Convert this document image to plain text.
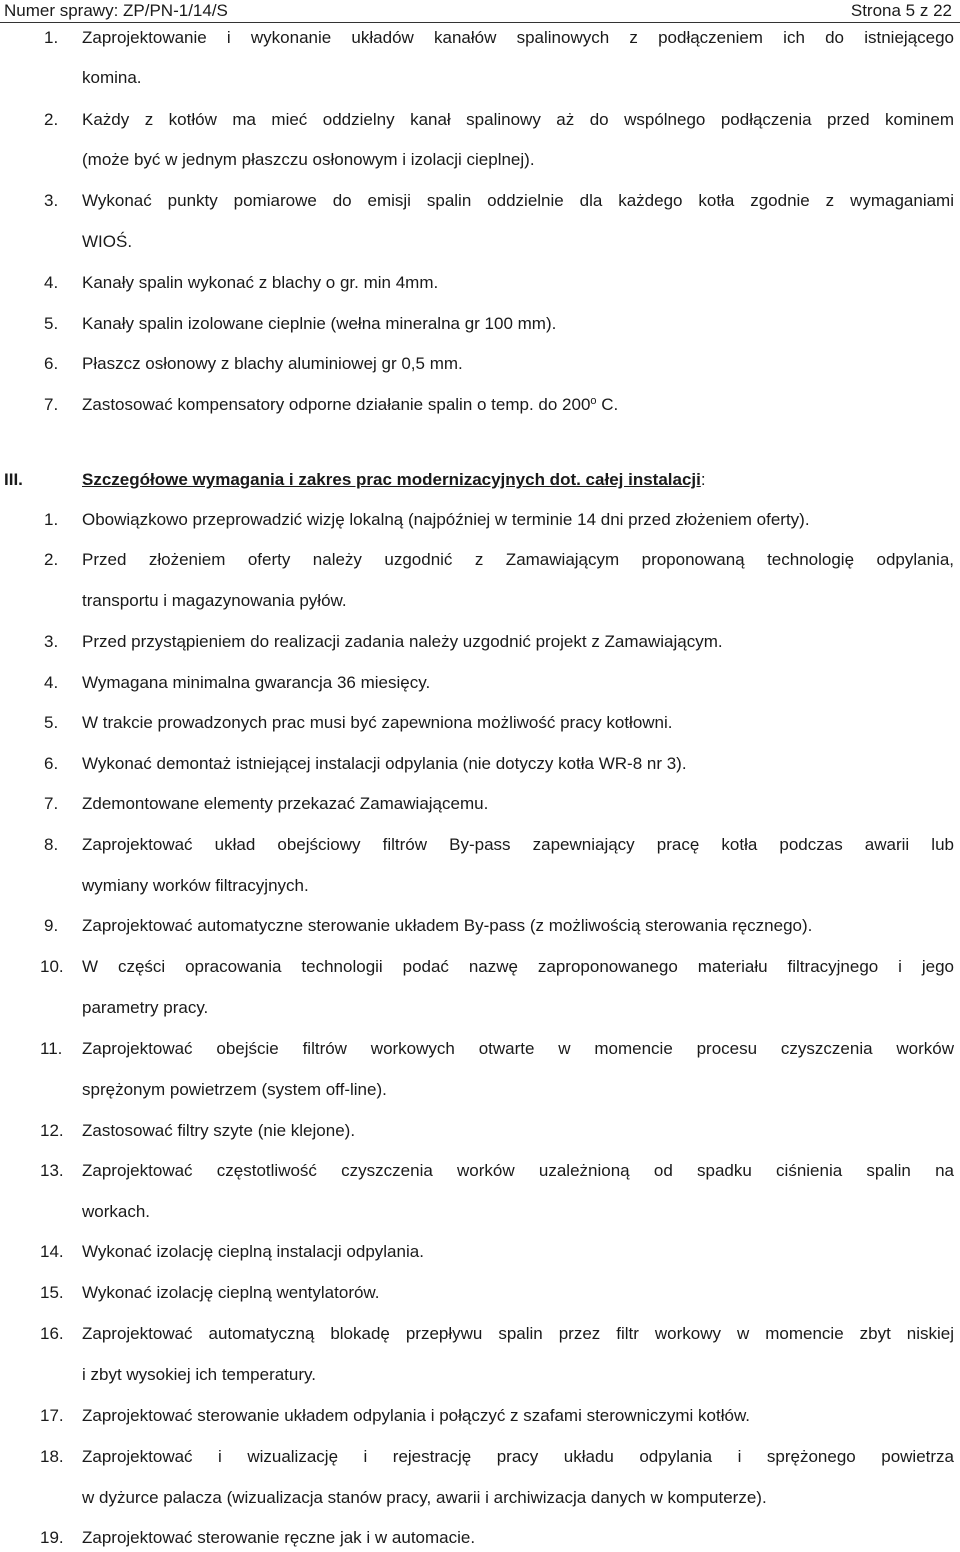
Numer sprawy: ZP/PN-1/14/S	Strona 5 z 22
1. Zaprojektowanie i wykonanie układów kanałów spalinowych z podłączeniem ich do istniejącego
komina.
2. Każdy z kotłów ma mieć oddzielny kanał spalinowy aż do wspólnego podłączenia przed kominem
(może być w jednym płaszczu osłonowym i izolacji cieplnej).
3. Wykonać punkty pomiarowe do emisji spalin oddzielnie dla każdego kotła zgodnie z wymaganiami
WIOŚ.
4. Kanały spalin wykonać z blachy o gr. min 4mm.
5. Kanały spalin izolowane cieplnie (wełna mineralna gr 100 mm).
6. Płaszcz osłonowy z blachy aluminiowej gr 0,5 mm.
7. Zastosować kompensatory odporne działanie spalin o temp. do 200$^o$ C.
III.	Szczegółowe wymagania i zakres prac modernizacyjnych dot. całej instalacji:
1. Obowiązkowo przeprowadzić wizję lokalną (najpóźniej w terminie 14 dni przed złożeniem oferty).
2. Przed złożeniem oferty należy uzgodnić z Zamawiającym proponowaną technologię odpylania,
transportu i magazynowania pyłów.
3. Przed przystąpieniem do realizacji zadania należy uzgodnić projekt z Zamawiającym.
4. Wymagana minimalna gwarancja 36 miesięcy.
5. W trakcie prowadzonych prac musi być zapewniona możliwość pracy kotłowni.
6. Wykonać demontaż istniejącej instalacji odpylania (nie dotyczy kotła WR-8 nr 3).
7. Zdemontowane elementy przekazać Zamawiającemu.
8. Zaprojektować układ obejściowy filtrów By-pass zapewniający pracę kotła podczas awarii lub
wymiany worków filtracyjnych.
9. Zaprojektować automatyczne sterowanie układem By-pass (z możliwością sterowania ręcznego).
10. W części opracowania technologii podać nazwę zaproponowanego materiału filtracyjnego i jego
parametry pracy.
11. Zaprojektować obejście filtrów workowych otwarte w momencie procesu czyszczenia worków
sprężonym powietrzem (system off-line).
12. Zastosować filtry szyte (nie klejone).
13. Zaprojektować częstotliwość czyszczenia worków uzależnioną od spadku ciśnienia spalin na
workach.
14. Wykonać izolację cieplną instalacji odpylania.
15. Wykonać izolację cieplną wentylatorów.
16. Zaprojektować automatyczną blokadę przepływu spalin przez filtr workowy w momencie zbyt niskiej
i zbyt wysokiej ich temperatury.
17. Zaprojektować sterowanie układem odpylania i połączyć z szafami sterowniczymi kotłów.
18. Zaprojektować i wizualizację i rejestrację pracy układu odpylania i sprężonego powietrza
w dyżurce palacza (wizualizacja stanów pracy, awarii i archiwizacja danych w komputerze).
19. Zaprojektować sterowanie ręczne jak i w automacie.
